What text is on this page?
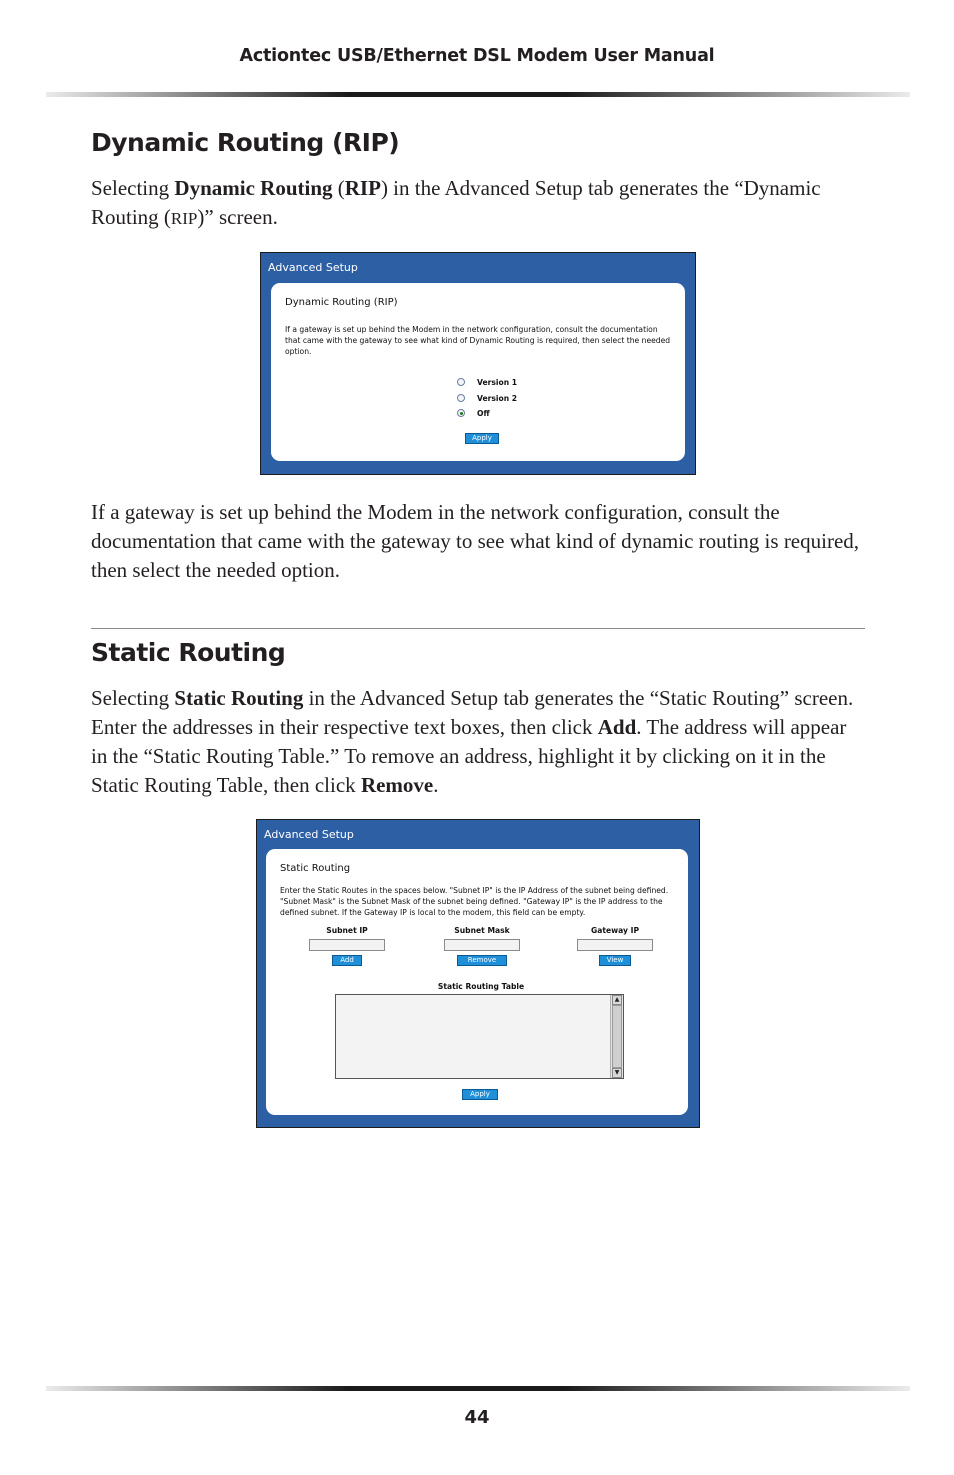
Actiontec USB/Ethernet DSL Modem User Manual
Dynamic Routing (RIP)

Selecting Dynamic Routing (RIP) in the Advanced Setup tab generates the “Dynamic Routing (RIP)” screen.

Advanced Setup
Dynamic Routing (RIP)
If a gateway is set up behind the Modem in the network configuration, consult the documentation that came with the gateway to see what kind of Dynamic Routing is required, then select the needed option.
Version 1
Version 2
Off
Apply

If a gateway is set up behind the Modem in the network configuration, consult the documentation that came with the gateway to see what kind of dynamic routing is required, then select the needed option.

Static Routing

Selecting Static Routing in the Advanced Setup tab generates the “Static Routing” screen. Enter the addresses in their respective text boxes, then click Add. The address will appear in the “Static Routing Table.” To remove an address, highlight it by clicking on it in the Static Routing Table, then click Remove.

Advanced Setup
Static Routing
Enter the Static Routes in the spaces below. "Subnet IP" is the IP Address of the subnet being defined. "Subnet Mask" is the Subnet Mask of the subnet being defined. "Gateway IP" is the IP address to the defined subnet. If the Gateway IP is local to the modem, this field can be empty.
Subnet IP	Subnet Mask	Gateway IP
Add	Remove	View
Static Routing Table
▲
▼
Apply
44
